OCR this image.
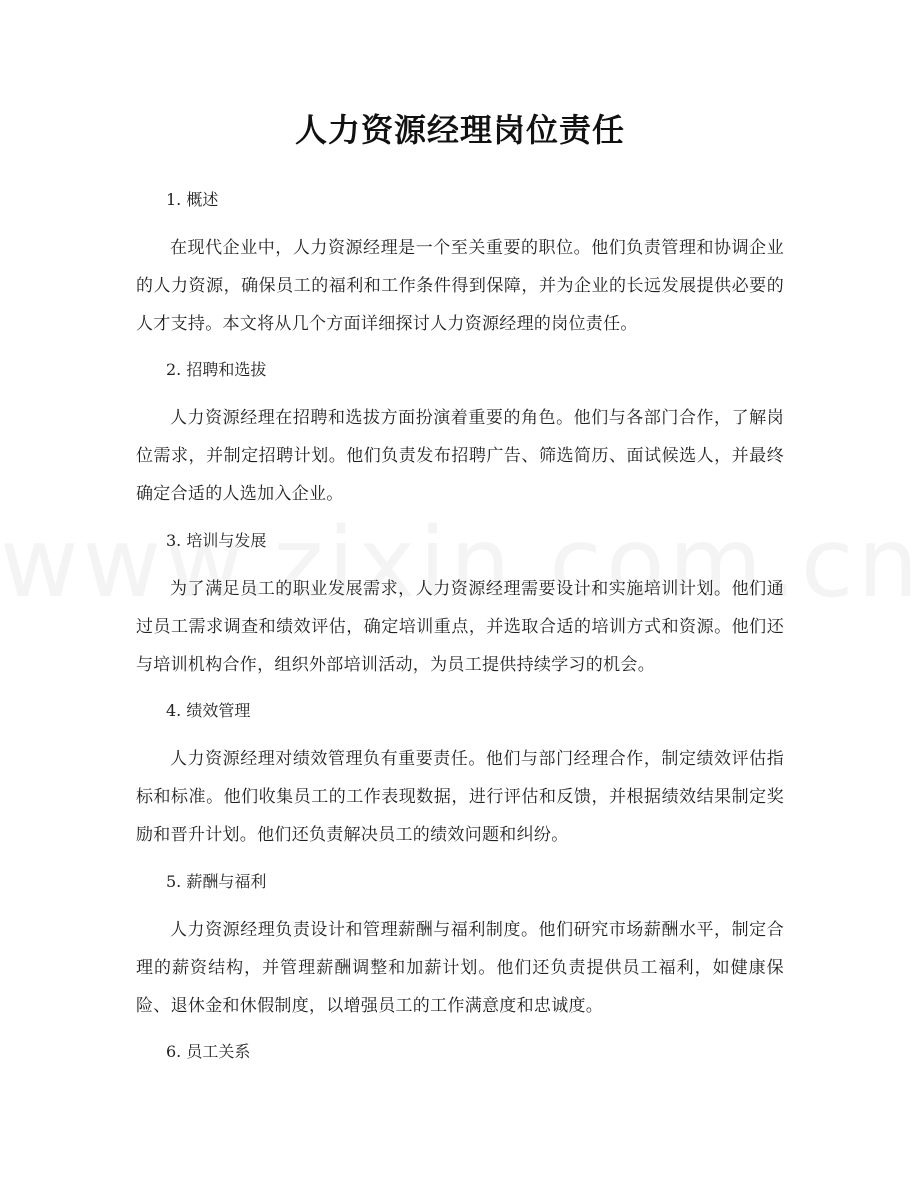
人力资源经理岗位责任

1. 概述

在现代企业中，人力资源经理是一个至关重要的职位。他们负责管理和协调企业的人力资源，确保员工的福利和工作条件得到保障，并为企业的长远发展提供必要的人才支持。本文将从几个方面详细探讨人力资源经理的岗位责任。

2. 招聘和选拔

人力资源经理在招聘和选拔方面扮演着重要的角色。他们与各部门合作，了解岗位需求，并制定招聘计划。他们负责发布招聘广告、筛选简历、面试候选人，并最终确定合适的人选加入企业。

3. 培训与发展

为了满足员工的职业发展需求，人力资源经理需要设计和实施培训计划。他们通过员工需求调查和绩效评估，确定培训重点，并选取合适的培训方式和资源。他们还与培训机构合作，组织外部培训活动，为员工提供持续学习的机会。

4. 绩效管理

人力资源经理对绩效管理负有重要责任。他们与部门经理合作，制定绩效评估指标和标准。他们收集员工的工作表现数据，进行评估和反馈，并根据绩效结果制定奖励和晋升计划。他们还负责解决员工的绩效问题和纠纷。

5. 薪酬与福利

人力资源经理负责设计和管理薪酬与福利制度。他们研究市场薪酬水平，制定合理的薪资结构，并管理薪酬调整和加薪计划。他们还负责提供员工福利，如健康保险、退休金和休假制度，以增强员工的工作满意度和忠诚度。

6. 员工关系
